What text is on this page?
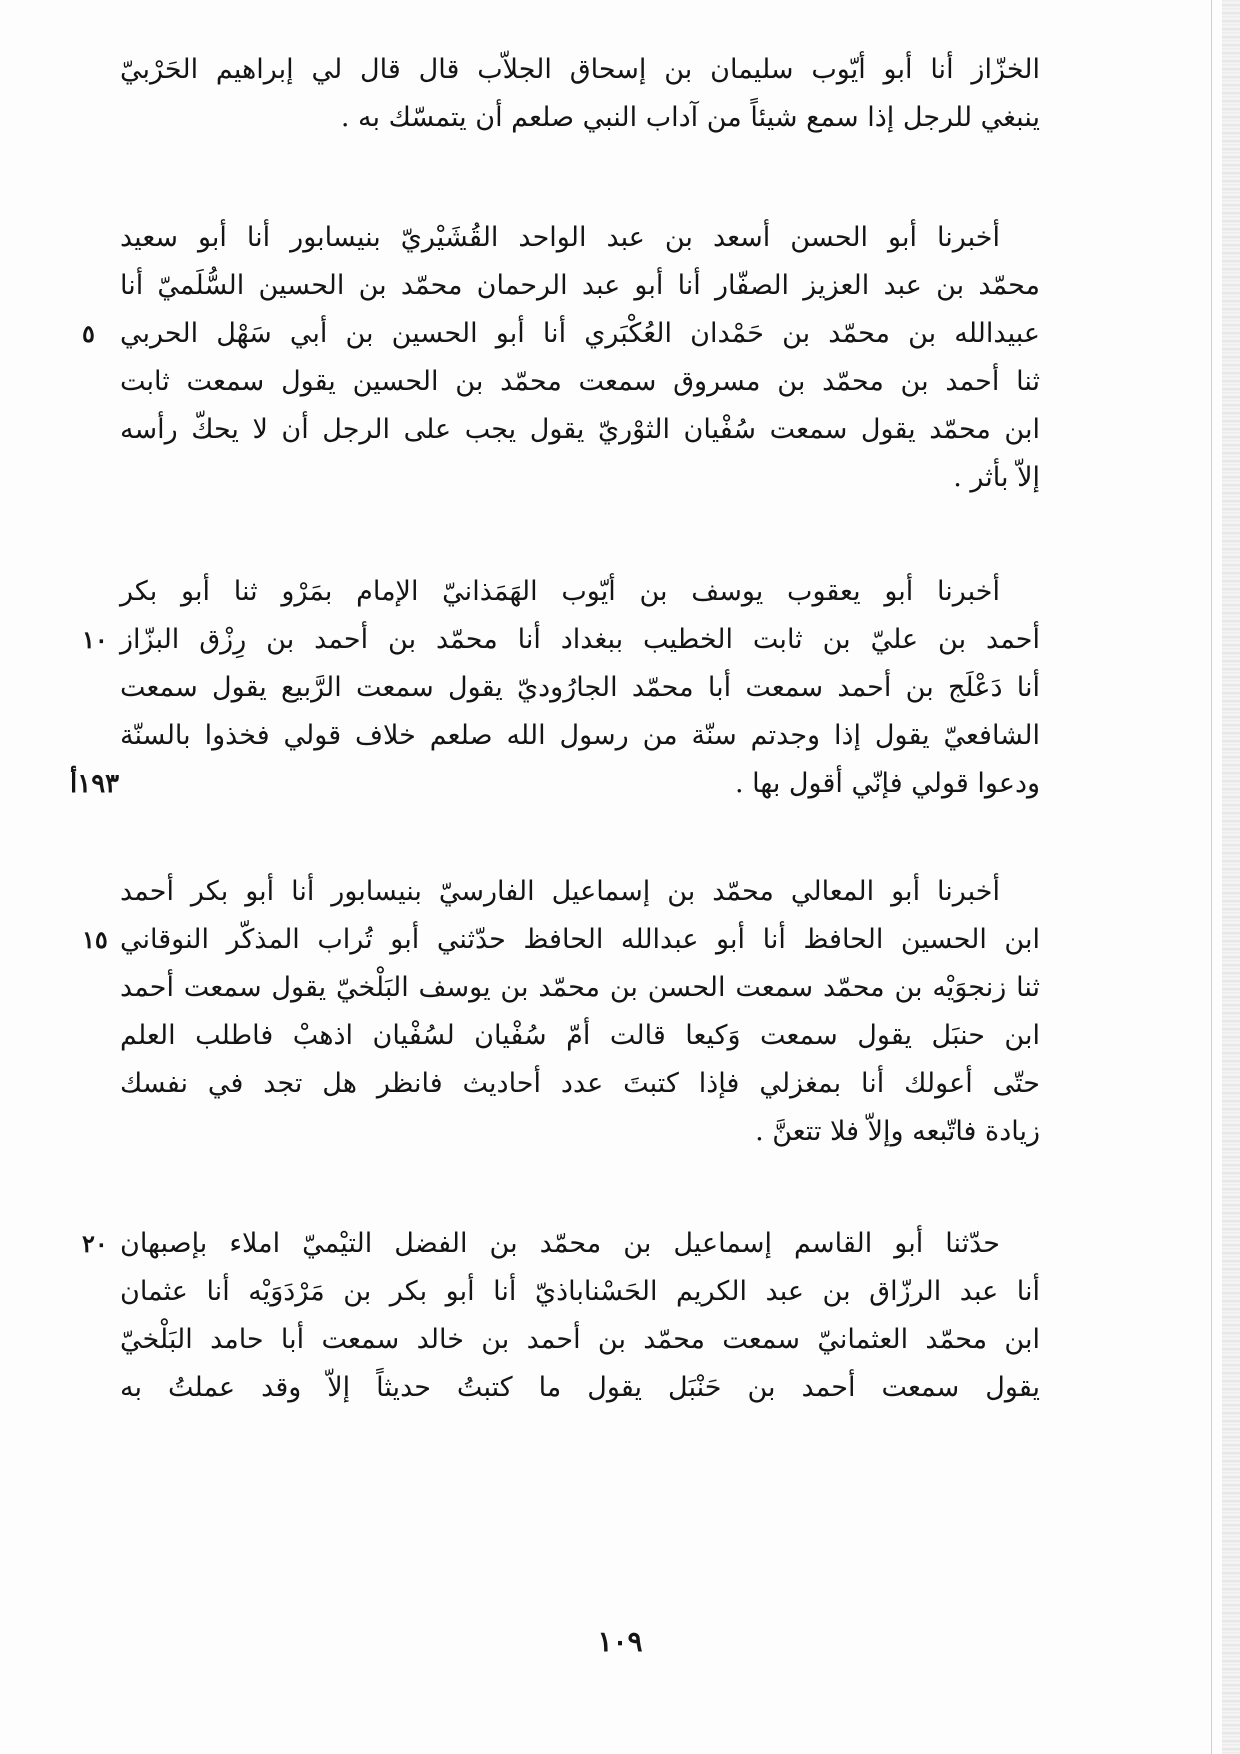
الخزّاز أنا أبو أيّوب سليمان بن إسحاق الجلاّب قال قال لي إبراهيم الحَرْبيّ
ينبغي للرجل إذا سمع شيئاً من آداب النبي صلعم أن يتمسّك به .
أخبرنا أبو الحسن أسعد بن عبد الواحد القُشَيْريّ بنيسابور أنا أبو سعيد
محمّد بن عبد العزيز الصفّار أنا أبو عبد الرحمان محمّد بن الحسين السُّلَميّ أنا
عبيدالله بن محمّد بن حَمْدان العُكْبَري أنا أبو الحسين بن أبي سَهْل الحربي
٥
ثنا أحمد بن محمّد بن مسروق سمعت محمّد بن الحسين يقول سمعت ثابت
ابن محمّد يقول سمعت سُفْيان الثوْريّ يقول يجب على الرجل أن لا يحكّ رأسه
إلاّ بأثر .
أخبرنا أبو يعقوب يوسف بن أيّوب الهَمَذانيّ الإمام بمَرْو ثنا أبو بكر
أحمد بن عليّ بن ثابت الخطيب ببغداد أنا محمّد بن أحمد بن رِزْق البزّاز
١٠
أنا دَعْلَج بن أحمد سمعت أبا محمّد الجارُوديّ يقول سمعت الرَّبيع يقول سمعت
الشافعيّ يقول إذا وجدتم سنّة من رسول الله صلعم خلاف قولي فخذوا بالسنّة
ودعوا قولي فإنّي أقول بها .
١٩٣أ
أخبرنا أبو المعالي محمّد بن إسماعيل الفارسيّ بنيسابور أنا أبو بكر أحمد
ابن الحسين الحافظ أنا أبو عبدالله الحافظ حدّثني أبو تُراب المذكّر النوقاني
١٥
ثنا زنجوَيْه بن محمّد سمعت الحسن بن محمّد بن يوسف البَلْخيّ يقول سمعت أحمد
ابن حنبَل يقول سمعت وَكيعا قالت أمّ سُفْيان لسُفْيان اذهبْ فاطلب العلم
حتّى أعولك أنا بمغزلي فإذا كتبتَ عدد أحاديث فانظر هل تجد في نفسك
زيادة فاتّبعه وإلاّ فلا تتعنَّ .
حدّثنا أبو القاسم إسماعيل بن محمّد بن الفضل التيْميّ املاء بإصبهان
٢٠
أنا عبد الرزّاق بن عبد الكريم الحَسْناباذيّ أنا أبو بكر بن مَرْدَوَيْه أنا عثمان
ابن محمّد العثمانيّ سمعت محمّد بن أحمد بن خالد سمعت أبا حامد البَلْخيّ
يقول سمعت أحمد بن حَنْبَل يقول ما كتبتُ حديثاً إلاّ وقد عملتُ به
١٠٩
